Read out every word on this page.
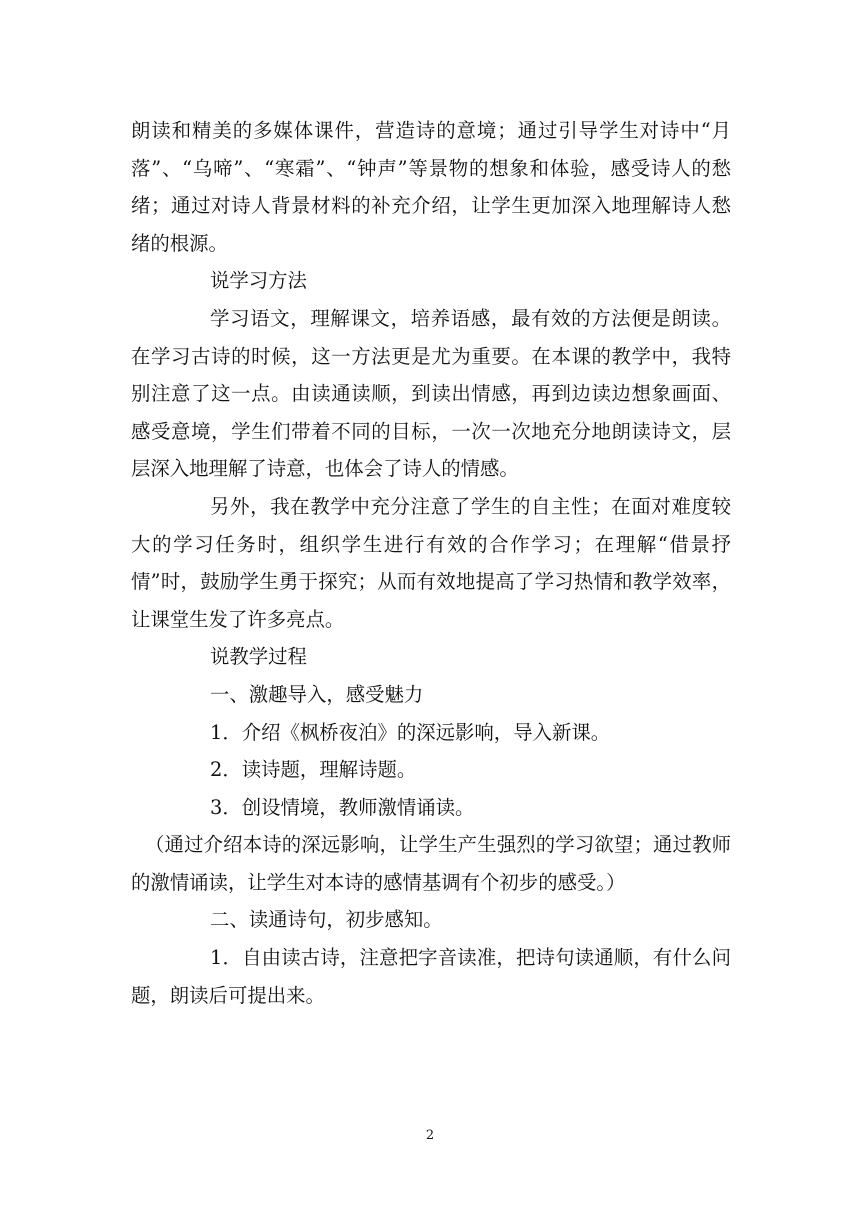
朗读和精美的多媒体课件，营造诗的意境；通过引导学生对诗中“月落”、“乌啼”、“寒霜”、“钟声”等景物的想象和体验，感受诗人的愁绪；通过对诗人背景材料的补充介绍，让学生更加深入地理解诗人愁绪的根源。

说学习方法

学习语文，理解课文，培养语感，最有效的方法便是朗读。在学习古诗的时候，这一方法更是尤为重要。在本课的教学中，我特别注意了这一点。由读通读顺，到读出情感，再到边读边想象画面、感受意境，学生们带着不同的目标，一次一次地充分地朗读诗文，层层深入地理解了诗意，也体会了诗人的情感。

另外，我在教学中充分注意了学生的自主性；在面对难度较大的学习任务时，组织学生进行有效的合作学习；在理解“借景抒情”时，鼓励学生勇于探究；从而有效地提高了学习热情和教学效率，让课堂生发了许多亮点。

说教学过程

一、激趣导入，感受魅力

1．介绍《枫桥夜泊》的深远影响，导入新课。

2．读诗题，理解诗题。

3．创设情境，教师激情诵读。

（通过介绍本诗的深远影响，让学生产生强烈的学习欲望；通过教师的激情诵读，让学生对本诗的感情基调有个初步的感受。）

二、读通诗句，初步感知。

1．自由读古诗，注意把字音读准，把诗句读通顺，有什么问题，朗读后可提出来。

2
